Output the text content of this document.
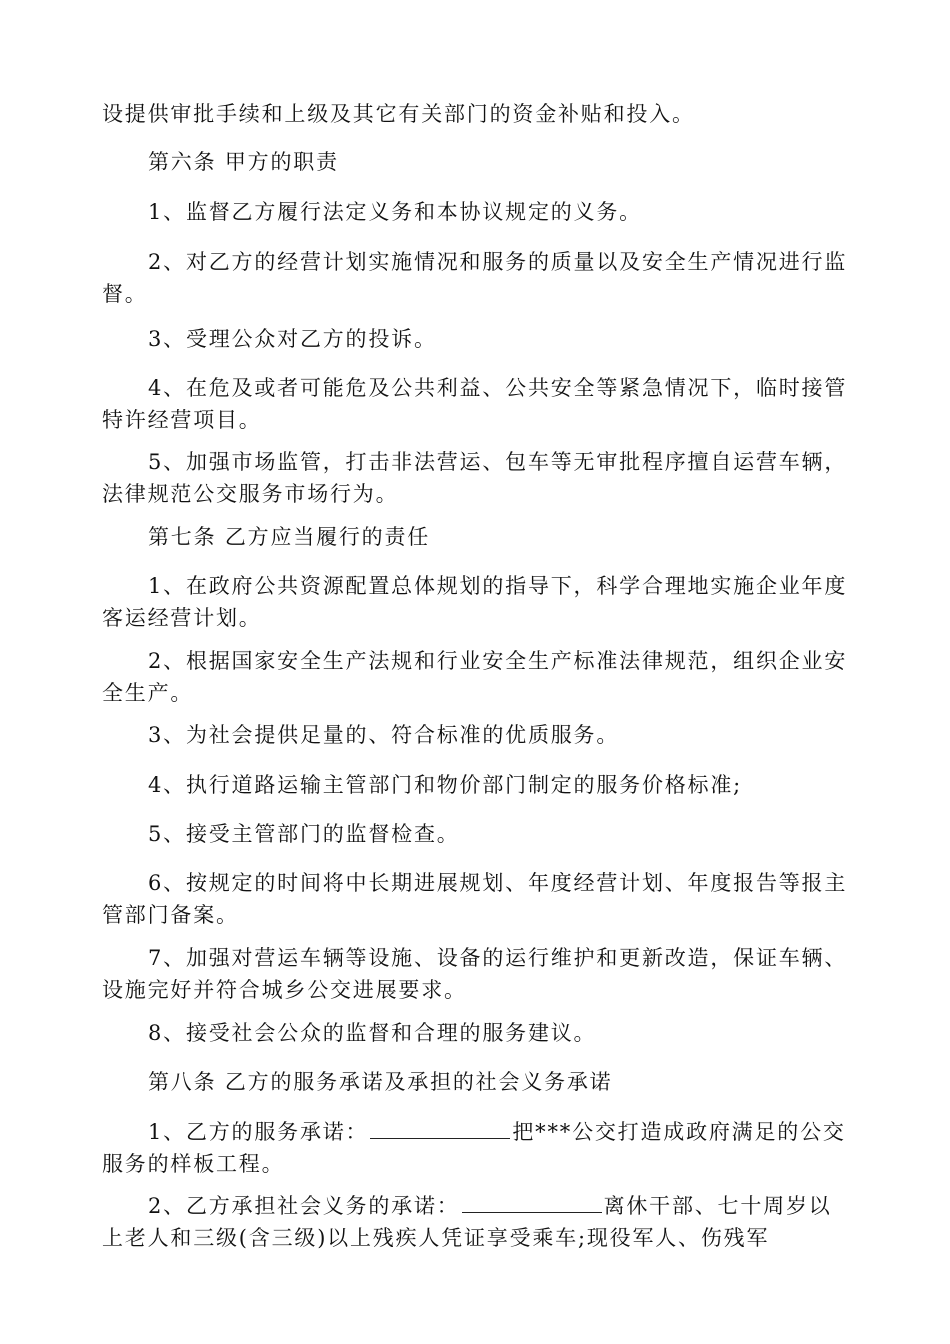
设提供审批手续和上级及其它有关部门的资金补贴和投入。

第六条 甲方的职责

1、监督乙方履行法定义务和本协议规定的义务。

2、对乙方的经营计划实施情况和服务的质量以及安全生产情况进行监督。

3、受理公众对乙方的投诉。

4、在危及或者可能危及公共利益、公共安全等紧急情况下，临时接管特许经营项目。

5、加强市场监管，打击非法营运、包车等无审批程序擅自运营车辆，法律规范公交服务市场行为。

第七条 乙方应当履行的责任

1、在政府公共资源配置总体规划的指导下，科学合理地实施企业年度客运经营计划。

2、根据国家安全生产法规和行业安全生产标准法律规范，组织企业安全生产。

3、为社会提供足量的、符合标准的优质服务。

4、执行道路运输主管部门和物价部门制定的服务价格标准;

5、接受主管部门的监督检查。

6、按规定的时间将中长期进展规划、年度经营计划、年度报告等报主管部门备案。

7、加强对营运车辆等设施、设备的运行维护和更新改造，保证车辆、设施完好并符合城乡公交进展要求。

8、接受社会公众的监督和合理的服务建议。

第八条 乙方的服务承诺及承担的社会义务承诺

1、乙方的服务承诺：	把***公交打造成政府满足的公交服务的样板工程。

2、乙方承担社会义务的承诺：	离休干部、七十周岁以上老人和三级(含三级)以上残疾人凭证享受乘车;现役军人、伤残军
